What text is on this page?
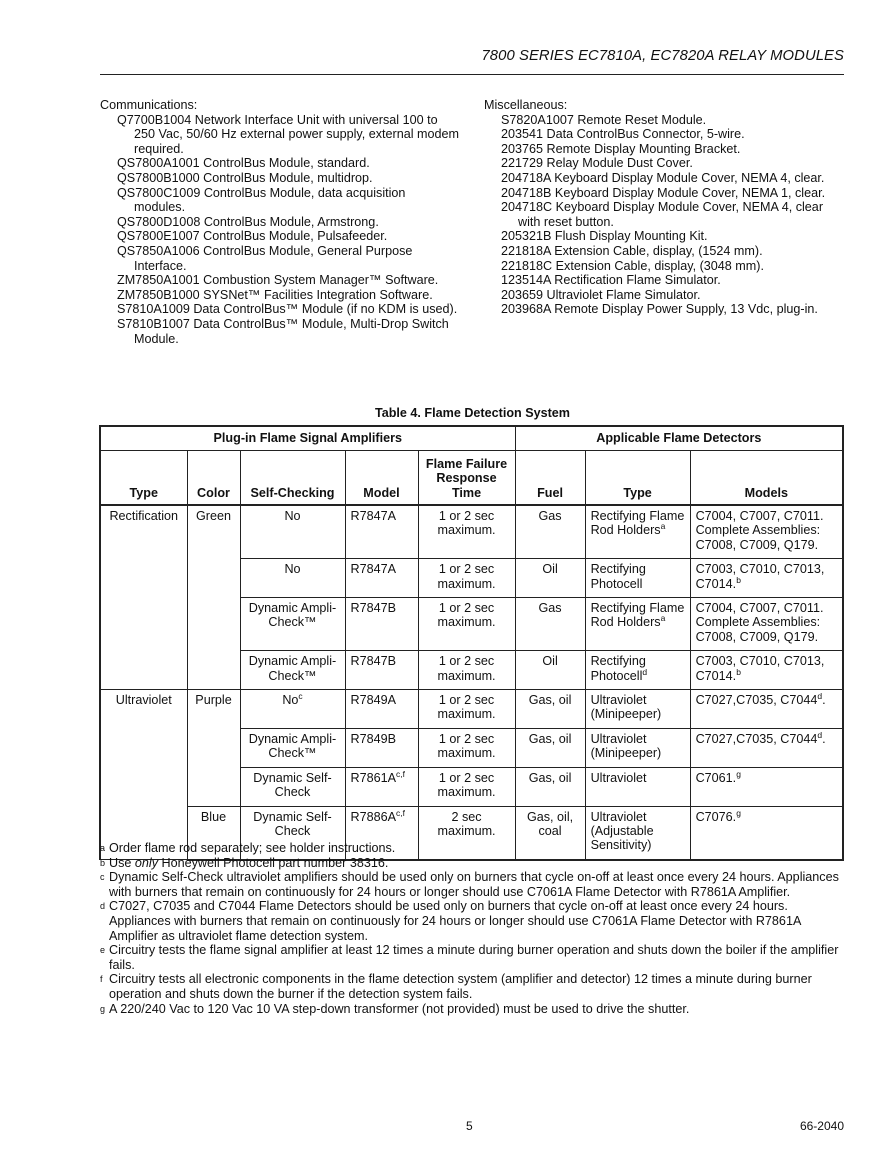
7800 SERIES EC7810A, EC7820A RELAY MODULES
Communications:
Q7700B1004 Network Interface Unit with universal 100 to 250 Vac, 50/60 Hz external power supply, external modem required.
QS7800A1001 ControlBus Module, standard.
QS7800B1000 ControlBus Module, multidrop.
QS7800C1009 ControlBus Module, data acquisition modules.
QS7800D1008 ControlBus Module, Armstrong.
QS7800E1007 ControlBus Module, Pulsafeeder.
QS7850A1006 ControlBus Module, General Purpose Interface.
ZM7850A1001 Combustion System Manager™ Software.
ZM7850B1000 SYSNet™ Facilities Integration Software.
S7810A1009 Data ControlBus™ Module (if no KDM is used).
S7810B1007 Data ControlBus™ Module, Multi-Drop Switch Module.
Miscellaneous:
S7820A1007 Remote Reset Module.
203541 Data ControlBus Connector, 5-wire.
203765 Remote Display Mounting Bracket.
221729 Relay Module Dust Cover.
204718A Keyboard Display Module Cover, NEMA 4, clear.
204718B Keyboard Display Module Cover, NEMA 1, clear.
204718C Keyboard Display Module Cover, NEMA 4, clear with reset button.
205321B Flush Display Mounting Kit.
221818A Extension Cable, display, (1524 mm).
221818C Extension Cable, display, (3048 mm).
123514A Rectification Flame Simulator.
203659 Ultraviolet Flame Simulator.
203968A Remote Display Power Supply, 13 Vdc, plug-in.
Table 4. Flame Detection System
Plug-in Flame Signal Amplifiers					Applicable Flame Detectors		
Type	Color	Self-Checking	Model	Flame Failure Response Time	Fuel	Type	Models
Rectification	Green	No	R7847A	1 or 2 sec maximum.	Gas	Rectifying Flame Rod Holders$^a$	C7004, C7007, C7011. Complete Assemblies: C7008, C7009, Q179.
		No	R7847A	1 or 2 sec maximum.	Oil	Rectifying Photocell	C7003, C7010, C7013, C7014.$^b$
		Dynamic Ampli-Check™	R7847B	1 or 2 sec maximum.	Gas	Rectifying Flame Rod Holders$^a$	C7004, C7007, C7011. Complete Assemblies: C7008, C7009, Q179.
		Dynamic Ampli-Check™	R7847B	1 or 2 sec maximum.	Oil	Rectifying Photocell$^d$	C7003, C7010, C7013, C7014.$^b$
Ultraviolet	Purple	No$^c$	R7849A	1 or 2 sec maximum.	Gas, oil	Ultraviolet (Minipeeper)	C7027,C7035, C7044$^d$.
		Dynamic Ampli-Check™	R7849B	1 or 2 sec maximum.	Gas, oil	Ultraviolet (Minipeeper)	C7027,C7035, C7044$^d$.
		Dynamic Self-Check	$R7861A^{c,f}$	1 or 2 sec maximum.	Gas, oil	Ultraviolet	C7061.$^g$
	Blue	Dynamic Self-Check	$R7886A^{c,f}$	2 sec maximum.	Gas, oil, coal	Ultraviolet (Adjustable Sensitivity)	C7076.$^g$
a Order flame rod separately; see holder instructions.
b Use only Honeywell Photocell part number 38316.
c Dynamic Self-Check ultraviolet amplifiers should be used only on burners that cycle on-off at least once every 24 hours. Appliances with burners that remain on continuously for 24 hours or longer should use C7061A Flame Detector with R7861A Amplifier.
d C7027, C7035 and C7044 Flame Detectors should be used only on burners that cycle on-off at least once every 24 hours. Appliances with burners that remain on continuously for 24 hours or longer should use C7061A Flame Detector with R7861A Amplifier as ultraviolet flame detection system.
e Circuitry tests the flame signal amplifier at least 12 times a minute during burner operation and shuts down the boiler if the amplifier fails.
f Circuitry tests all electronic components in the flame detection system (amplifier and detector) 12 times a minute during burner operation and shuts down the burner if the detection system fails.
g A 220/240 Vac to 120 Vac 10 VA step-down transformer (not provided) must be used to drive the shutter.
5	66-2040
